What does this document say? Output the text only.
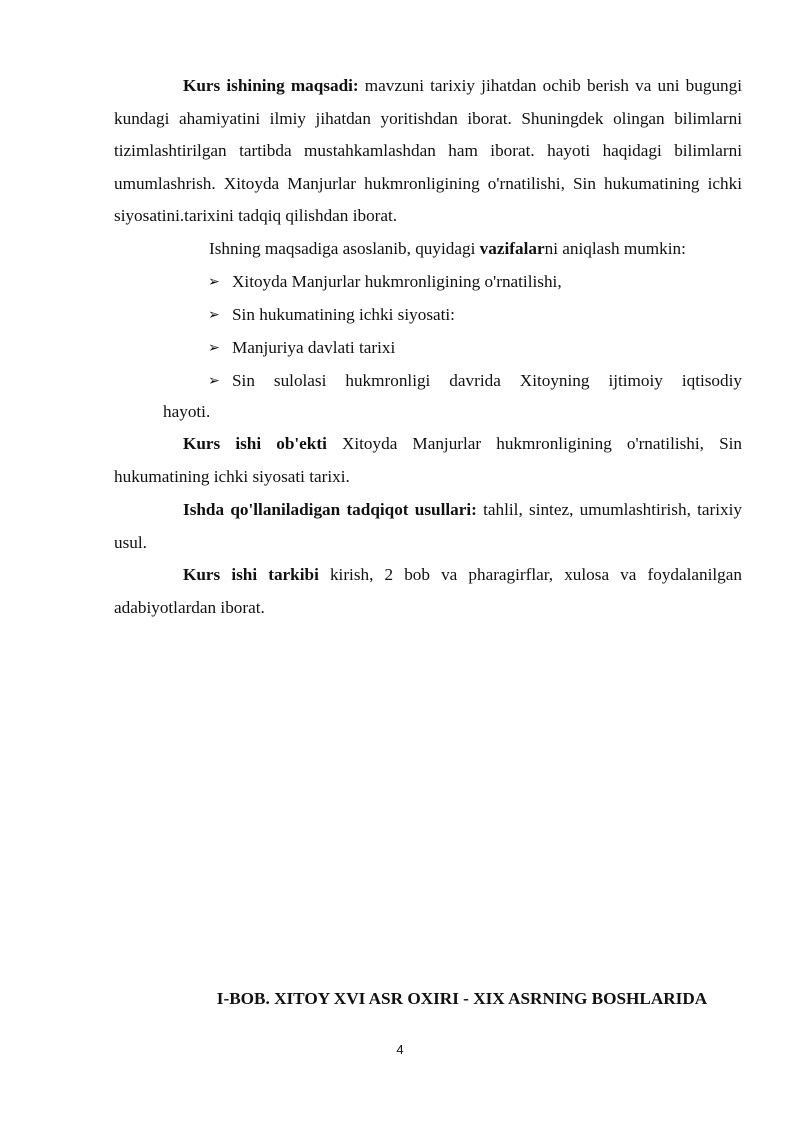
Kurs ishining maqsadi: mavzuni tarixiy jihatdan ochib berish va uni bugungi kundagi ahamiyatini ilmiy jihatdan yoritishdan iborat. Shuningdek olingan bilimlarni tizimlashtirilgan tartibda mustahkamlashdan ham iborat. hayoti haqidagi bilimlarni umumlashrish. Xitoyda Manjurlar hukmronligining o'rnatilishi, Sin hukumatining ichki siyosatini.tarixini tadqiq qilishdan iborat.

Ishning maqsadiga asoslanib, quyidagi vazifalarni aniqlash mumkin:

➢ Xitoyda Manjurlar hukmronligining o'rnatilishi,

➢ Sin hukumatining ichki siyosati:

➢ Manjuriya davlati tarixi

➢ Sin sulolasi hukmronligi davrida Xitoyning ijtimoiy iqtisodiy

hayoti.

Kurs ishi ob'ekti Xitoyda Manjurlar hukmronligining o'rnatilishi, Sin hukumatining ichki siyosati tarixi.

Ishda qo'llaniladigan tadqiqot usullari: tahlil, sintez, umumlashtirish, tarixiy usul.

Kurs ishi tarkibi kirish, 2 bob va pharagirflar, xulosa va foydalanilgan adabiyotlardan iborat.

I-BOB. XITOY XVI ASR OXIRI - XIX ASRNING BOSHLARIDA

4
